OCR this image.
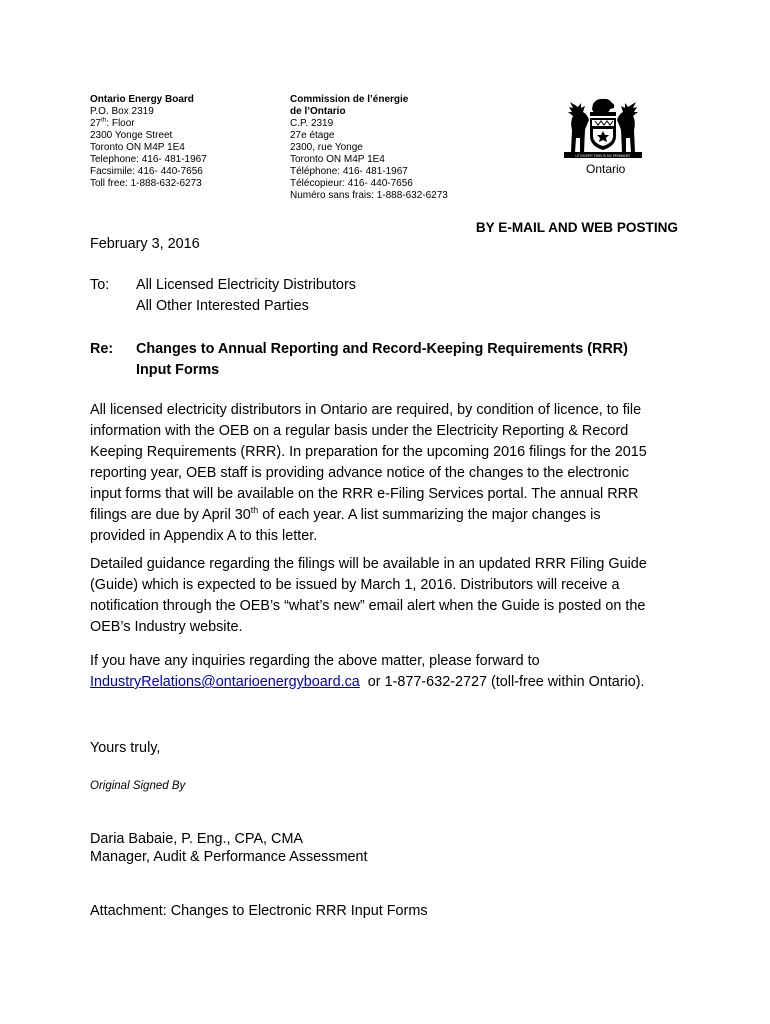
Ontario Energy Board
P.O. Box 2319
27th: Floor
2300 Yonge Street
Toronto ON M4P 1E4
Telephone: 416- 481-1967
Facsimile: 416- 440-7656
Toll free: 1-888-632-6273
Commission de l’énergie
de l’Ontario
C.P. 2319
27e étage
2300, rue Yonge
Toronto ON M4P 1E4
Téléphone: 416- 481-1967
Télécopieur: 416- 440-7656
Numéro sans frais: 1-888-632-6273
UT INCEPIT FIDELIS SIC PERMANET
Ontario
BY E-MAIL AND WEB POSTING
February 3, 2016
To: All Licensed Electricity Distributors
All Other Interested Parties
Re: Changes to Annual Reporting and Record-Keeping Requirements (RRR)
Input Forms
All licensed electricity distributors in Ontario are required, by condition of licence, to file
information with the OEB on a regular basis under the Electricity Reporting & Record
Keeping Requirements (RRR). In preparation for the upcoming 2016 filings for the 2015
reporting year, OEB staff is providing advance notice of the changes to the electronic
input forms that will be available on the RRR e-Filing Services portal. The annual RRR
filings are due by April 30th of each year. A list summarizing the major changes is
provided in Appendix A to this letter.
Detailed guidance regarding the filings will be available in an updated RRR Filing Guide
(Guide) which is expected to be issued by March 1, 2016. Distributors will receive a
notification through the OEB’s “what’s new” email alert when the Guide is posted on the
OEB’s Industry website.
If you have any inquiries regarding the above matter, please forward to
IndustryRelations@ontarioenergyboard.ca  or 1-877-632-2727 (toll-free within Ontario).
Yours truly,
Original Signed By
Daria Babaie, P. Eng., CPA, CMA
Manager, Audit & Performance Assessment
Attachment: Changes to Electronic RRR Input Forms
